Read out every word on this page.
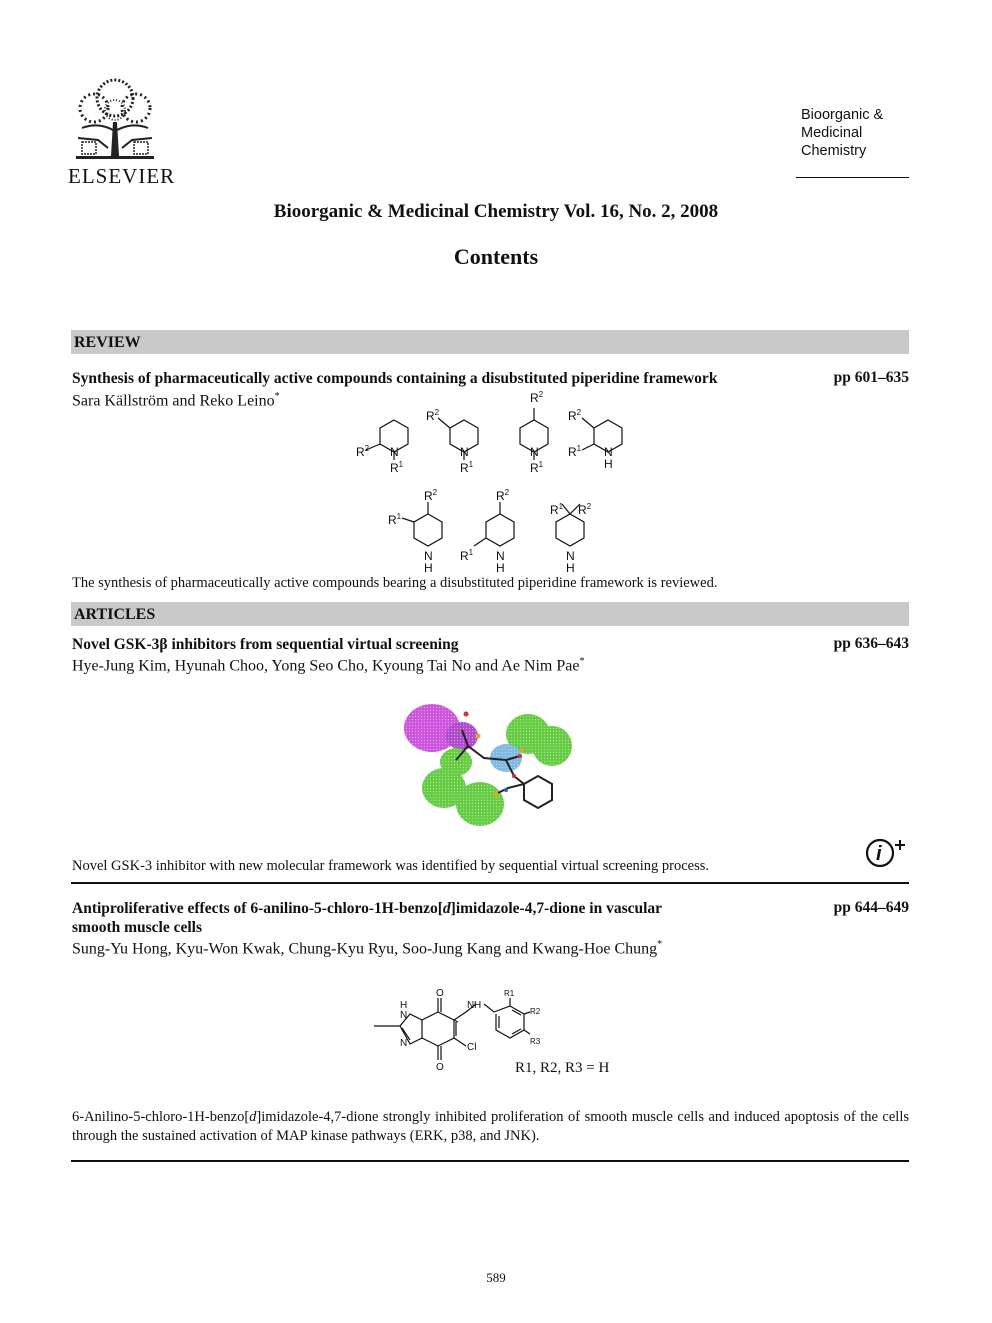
ELSEVIER
Bioorganic &
Medicinal
Chemistry
Bioorganic & Medicinal Chemistry Vol. 16, No. 2, 2008
Contents
REVIEW
Synthesis of pharmaceutically active compounds containing a disubstituted piperidine framework	pp 601–635
Sara Källström and Reko Leino*
N
$R^1$
$R^2$	N
$R^1$
$R^2$
N
$R^1$
$R^2$
N
H
$R^2$
$R^1$
N
H
$R^2$
$R^1$
N
H
$R^2$
$R^1$	N
H
$R^1$ $R^2$
The synthesis of pharmaceutically active compounds bearing a disubstituted piperidine framework is reviewed.
ARTICLES
Novel GSK-3β inhibitors from sequential virtual screening	pp 636–643
Hye-Jung Kim, Hyunah Choo, Yong Seo Cho, Kyoung Tai No and Ae Nim Pae*
Novel GSK-3 inhibitor with new molecular framework was identified by sequential virtual screening process.
i
Antiproliferative effects of 6-anilino-5-chloro-1H-benzo[d]imidazole-4,7-dione in vascular
smooth muscle cells
pp 644–649
Sung-Yu Hong, Kyu-Won Kwak, Chung-Kyu Ryu, Soo-Jung Kang and Kwang-Hoe Chung*
H
N
N
O
O
Cl
N H
R1
R2
R3
R1, R2, R3 = H
6-Anilino-5-chloro-1H-benzo[d]imidazole-4,7-dione strongly inhibited proliferation of smooth muscle cells and induced apoptosis of the cells through the sustained activation of MAP kinase pathways (ERK, p38, and JNK).
589
